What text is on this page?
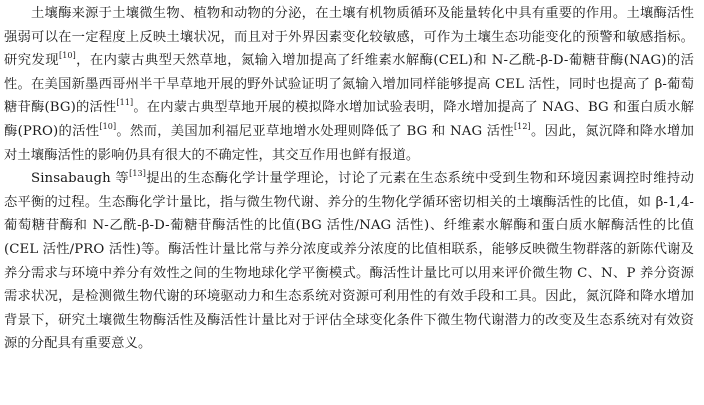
土壤酶来源于土壤微生物、植物和动物的分泌，在土壤有机物质循环及能量转化中具有重要的作用。土壤酶活性强弱可以在一定程度上反映土壤状况，而且对于外界因素变化较敏感，可作为土壤生态功能变化的预警和敏感指标。研究发现[10]，在内蒙古典型天然草地，氮输入增加提高了纤维素水解酶(CEL)和 N-乙酰-β-D-葡糖苷酶(NAG)的活性。在美国新墨西哥州半干旱草地开展的野外试验证明了氮输入增加同样能够提高 CEL 活性，同时也提高了 β-葡萄糖苷酶(BG)的活性[11]。在内蒙古典型草地开展的模拟降水增加试验表明，降水增加提高了 NAG、BG 和蛋白质水解酶(PRO)的活性[10]。然而，美国加利福尼亚草地增水处理则降低了 BG 和 NAG 活性[12]。因此，氮沉降和降水增加对土壤酶活性的影响仍具有很大的不确定性，其交互作用也鲜有报道。

Sinsabaugh 等[13]提出的生态酶化学计量学理论，讨论了元素在生态系统中受到生物和环境因素调控时维持动态平衡的过程。生态酶化学计量比，指与微生物代谢、养分的生物化学循环密切相关的土壤酶活性的比值，如 β-1,4-葡萄糖苷酶和 N-乙酰-β-D-葡糖苷酶活性的比值(BG 活性/NAG 活性)、纤维素水解酶和蛋白质水解酶活性的比值(CEL 活性/PRO 活性)等。酶活性计量比常与养分浓度或养分浓度的比值相联系，能够反映微生物群落的新陈代谢及养分需求与环境中养分有效性之间的生物地球化学平衡模式。酶活性计量比可以用来评价微生物 C、N、P 养分资源需求状况，是检测微生物代谢的环境驱动力和生态系统对资源可利用性的有效手段和工具。因此，氮沉降和降水增加背景下，研究土壤微生物酶活性及酶活性计量比对于评估全球变化条件下微生物代谢潜力的改变及生态系统对有效资源的分配具有重要意义。
